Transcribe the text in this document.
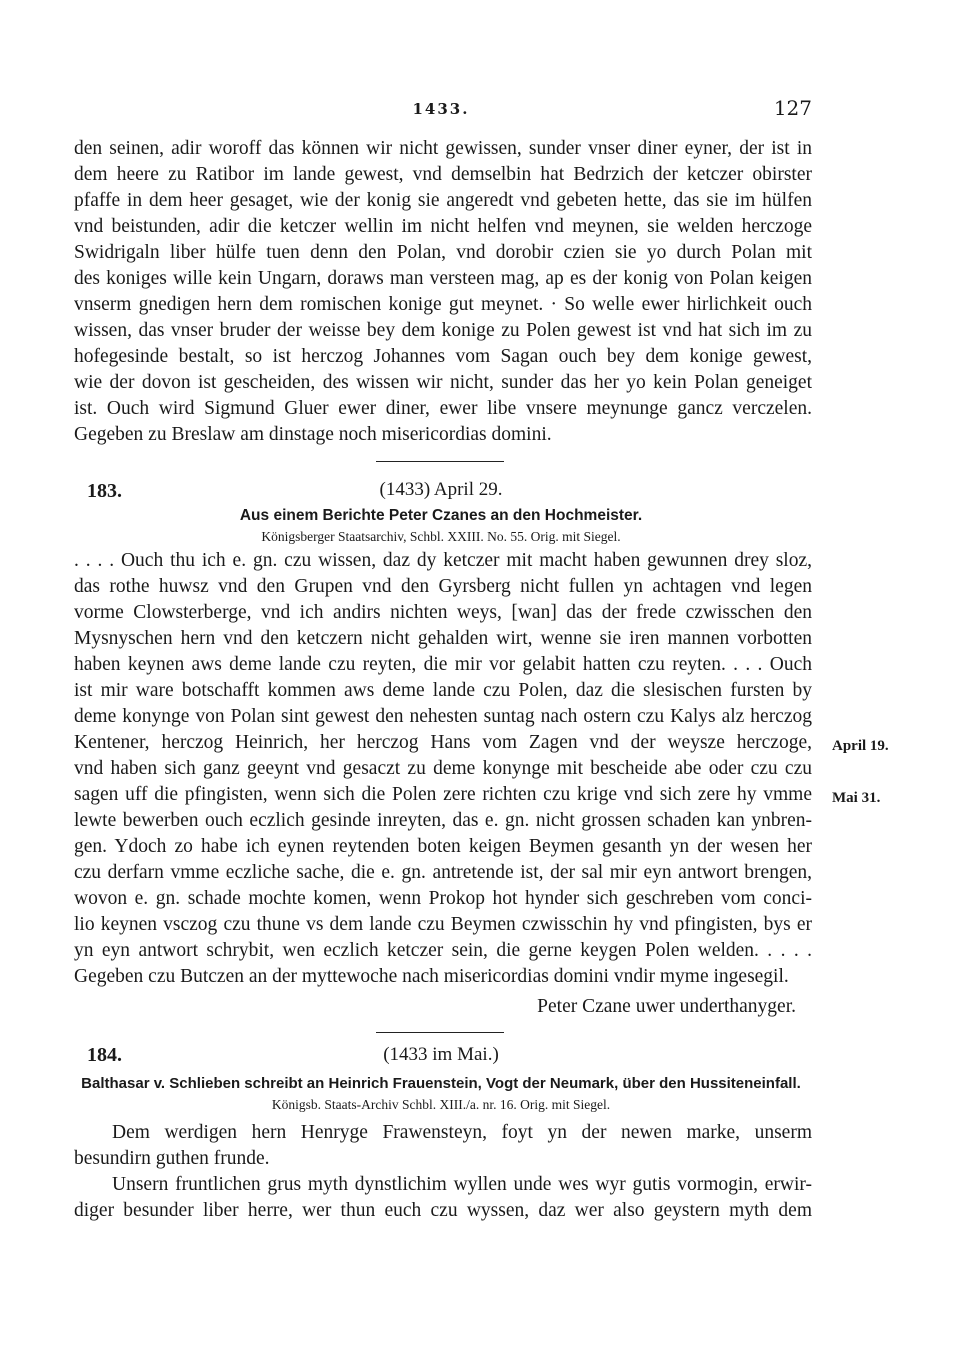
1433.	127
den seinen, adir woroff das können wir nicht gewissen, sunder vnser diner eyner, der ist in
dem heere zu Ratibor im lande gewest, vnd demselbin hat Bedrzich der ketczer obirster
pfaffe in dem heer gesaget, wie der konig sie angeredt vnd gebeten hette, das sie im hülfen
vnd beistunden, adir die ketczer wellin im nicht helfen vnd meynen, sie welden herczoge
Swidrigaln liber hülfe tuen denn den Polan, vnd dorobir czien sie yo durch Polan mit
des koniges wille kein Ungarn, doraws man versteen mag, ap es der konig von Polan keigen
vnserm gnedigen hern dem romischen konige gut meynet. · So welle ewer hirlichkeit ouch
wissen, das vnser bruder der weisse bey dem konige zu Polen gewest ist vnd hat sich im zu
hofegesinde bestalt, so ist herczog Johannes vom Sagan ouch bey dem konige gewest,
wie der dovon ist gescheiden, des wissen wir nicht, sunder das her yo kein Polan geneiget
ist. Ouch wird Sigmund Gluer ewer diner, ewer libe vnsere meynunge gancz verczelen.
Gegeben zu Breslaw am dinstage noch misericordias domini.
183.	(1433) April 29.
Aus einem Berichte Peter Czanes an den Hochmeister.
Königsberger Staatsarchiv, Schbl. XXIII. No. 55. Orig. mit Siegel.
. . . . Ouch thu ich e. gn. czu wissen, daz dy ketczer mit macht haben gewunnen drey sloz,
das rothe huwsz vnd den Grupen vnd den Gyrsberg nicht fullen yn achtagen vnd legen
vorme Clowsterberge, vnd ich andirs nichten weys, [wan] das der frede czwisschen den
Mysnyschen hern vnd den ketczern nicht gehalden wirt, wenne sie iren mannen vorbotten
haben keynen aws deme lande czu reyten, die mir vor gelabit hatten czu reyten. . . . Ouch
ist mir ware botschafft kommen aws deme lande czu Polen, daz die slesischen fursten by
deme konynge von Polan sint gewest den nehesten suntag nach ostern czu Kalys alz herczog
Kentener, herczog Heinrich, her herczog Hans vom Zagen vnd der weysze herczoge,
vnd haben sich ganz geeynt vnd gesaczt zu deme konynge mit bescheide abe oder czu czu
sagen uff die pfingisten, wenn sich die Polen zere richten czu krige vnd sich zere hy vmme
lewte bewerben ouch eczlich gesinde inreyten, das e. gn. nicht grossen schaden kan ynbren-
gen. Ydoch zo habe ich eynen reytenden boten keigen Beymen gesanth yn der wesen her
czu derfarn vmme eczliche sache, die e. gn. antretende ist, der sal mir eyn antwort brengen,
wovon e. gn. schade mochte komen, wenn Prokop hot hynder sich geschreben vom conci-
lio keynen vsczog czu thune vs dem lande czu Beymen czwisschin hy vnd pfingisten, bys er
yn eyn antwort schrybit, wen eczlich ketczer sein, die gerne keygen Polen welden. . . . .
Gegeben czu Butczen an der myttewoche nach misericordias domini vndir myme ingesegil.
Peter Czane uwer underthanyger.
April 19.
Mai 31.
184.	(1433 im Mai.)
Balthasar v. Schlieben schreibt an Heinrich Frauenstein, Vogt der Neumark, über den Hussiteneinfall.
Königsb. Staats-Archiv Schbl. XIII./a. nr. 16. Orig. mit Siegel.
Dem werdigen hern Henryge Frawensteyn, foyt yn der newen marke, unserm
besundirn guthen frunde.
Unsern fruntlichen grus myth dynstlichim wyllen unde wes wyr gutis vormogin, erwir-
diger besunder liber herre, wer thun euch czu wyssen, daz wer also geystern myth dem
